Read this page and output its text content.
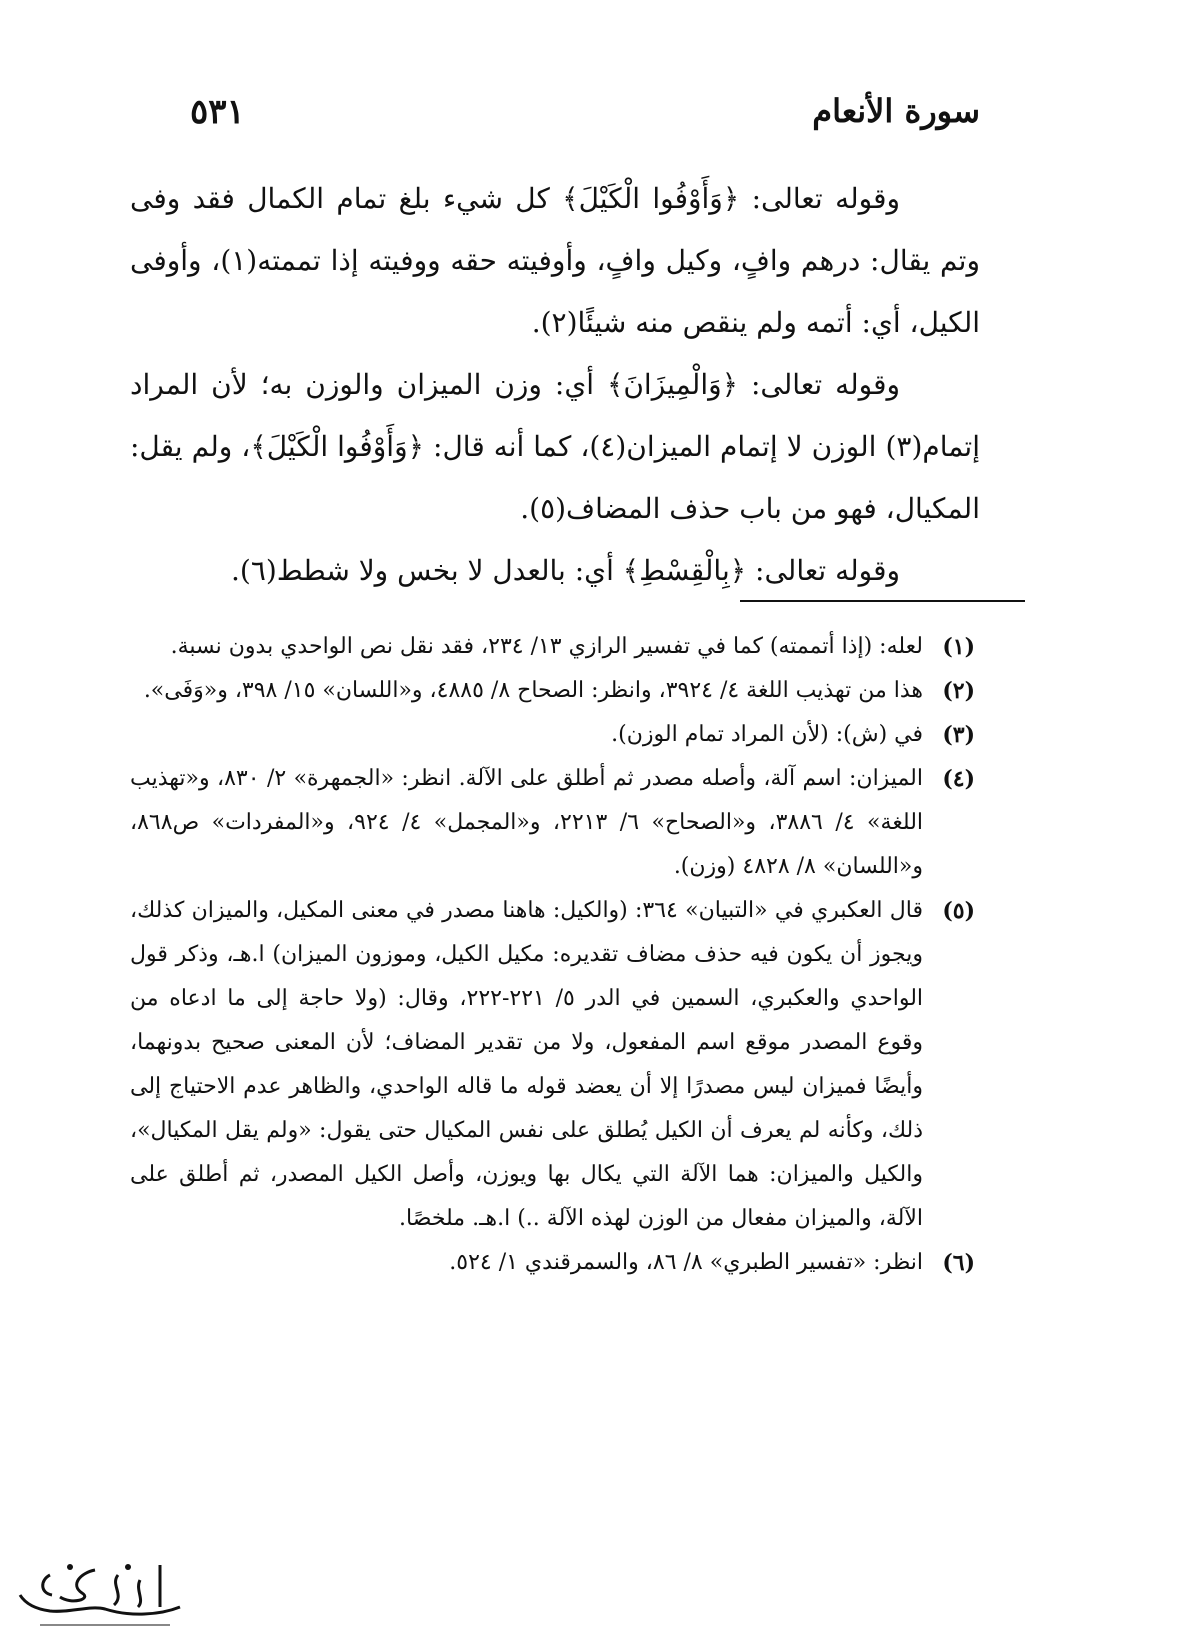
سورة الأنعام
٥٣١

وقوله تعالى: ﴿وَأَوْفُوا الْكَيْلَ﴾ كل شيء بلغ تمام الكمال فقد وفى وتم يقال: درهم وافٍ، وكيل وافٍ، وأوفيته حقه ووفيته إذا تممته(١)، وأوفى الكيل، أي: أتمه ولم ينقص منه شيئًا(٢).

وقوله تعالى: ﴿وَالْمِيزَانَ﴾ أي: وزن الميزان والوزن به؛ لأن المراد إتمام(٣) الوزن لا إتمام الميزان(٤)، كما أنه قال: ﴿وَأَوْفُوا الْكَيْلَ﴾، ولم يقل: المكيال، فهو من باب حذف المضاف(٥).

وقوله تعالى: ﴿بِالْقِسْطِ﴾ أي: بالعدل لا بخس ولا شطط(٦).

(١)
لعله: (إذا أتممته) كما في تفسير الرازي ١٣/ ٢٣٤، فقد نقل نص الواحدي بدون نسبة.
(٢)
هذا من تهذيب اللغة ٤/ ٣٩٢٤، وانظر: الصحاح ٨/ ٤٨٨٥، و«اللسان» ١٥/ ٣٩٨، و«وَفَى».
(٣)
في (ش): (لأن المراد تمام الوزن).
(٤)
الميزان: اسم آلة، وأصله مصدر ثم أطلق على الآلة. انظر: «الجمهرة» ٢/ ٨٣٠، و«تهذيب اللغة» ٤/ ٣٨٨٦، و«الصحاح» ٦/ ٢٢١٣، و«المجمل» ٤/ ٩٢٤، و«المفردات» ص٨٦٨، و«اللسان» ٨/ ٤٨٢٨ (وزن).
(٥)
قال العكبري في «التبيان» ٣٦٤: (والكيل: هاهنا مصدر في معنى المكيل، والميزان كذلك، ويجوز أن يكون فيه حذف مضاف تقديره: مكيل الكيل، وموزون الميزان) ا.هـ، وذكر قول الواحدي والعكبري، السمين في الدر ٥/ ٢٢١-٢٢٢، وقال: (ولا حاجة إلى ما ادعاه من وقوع المصدر موقع اسم المفعول، ولا من تقدير المضاف؛ لأن المعنى صحيح بدونهما، وأيضًا فميزان ليس مصدرًا إلا أن يعضد قوله ما قاله الواحدي، والظاهر عدم الاحتياج إلى ذلك، وكأنه لم يعرف أن الكيل يُطلق على نفس المكيال حتى يقول: «ولم يقل المكيال»، والكيل والميزان: هما الآلة التي يكال بها ويوزن، وأصل الكيل المصدر، ثم أطلق على الآلة، والميزان مفعال من الوزن لهذه الآلة ..) ا.هـ. ملخصًا.
(٦)
انظر: «تفسير الطبري» ٨/ ٨٦، والسمرقندي ١/ ٥٢٤.
